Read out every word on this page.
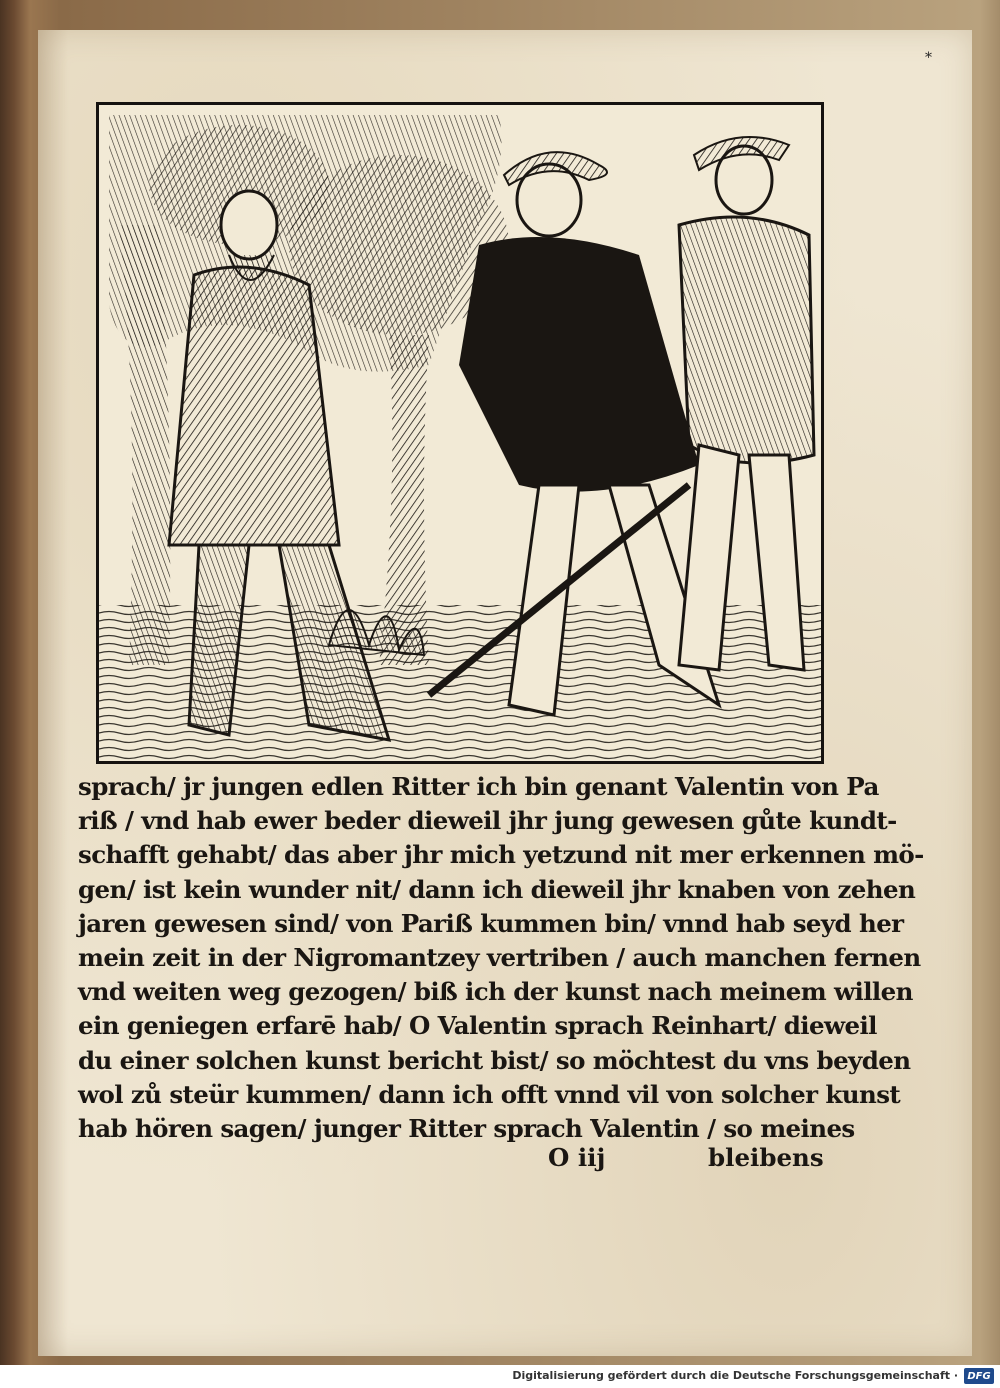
*
sprach/ jr jungen edlen Ritter ich bin genant Valentin von Pa
riß / vnd hab ewer beder dieweil jhr jung gewesen gůte kundt-
schafft gehabt/ das aber jhr mich yetzund nit mer erkennen mö-
gen/ ist kein wunder nit/ dann ich dieweil jhr knaben von zehen
jaren gewesen sind/ von Pariß kummen bin/ vnnd hab seyd her
mein zeit in der Nigromantzey vertriben / auch manchen fernen
vnd weiten weg gezogen/ biß ich der kunst nach meinem willen
ein geniegen erfarē hab/ O Valentin sprach Reinhart/ dieweil
du einer solchen kunst bericht bist/ so möchtest du vns beyden
wol zů steür kummen/ dann ich offt vnnd vil von solcher kunst
hab hören sagen/ junger Ritter sprach Valentin / so meines
O iij	bleibens
Digitalisierung gefördert durch die Deutsche Forschungsgemeinschaft · DFG
